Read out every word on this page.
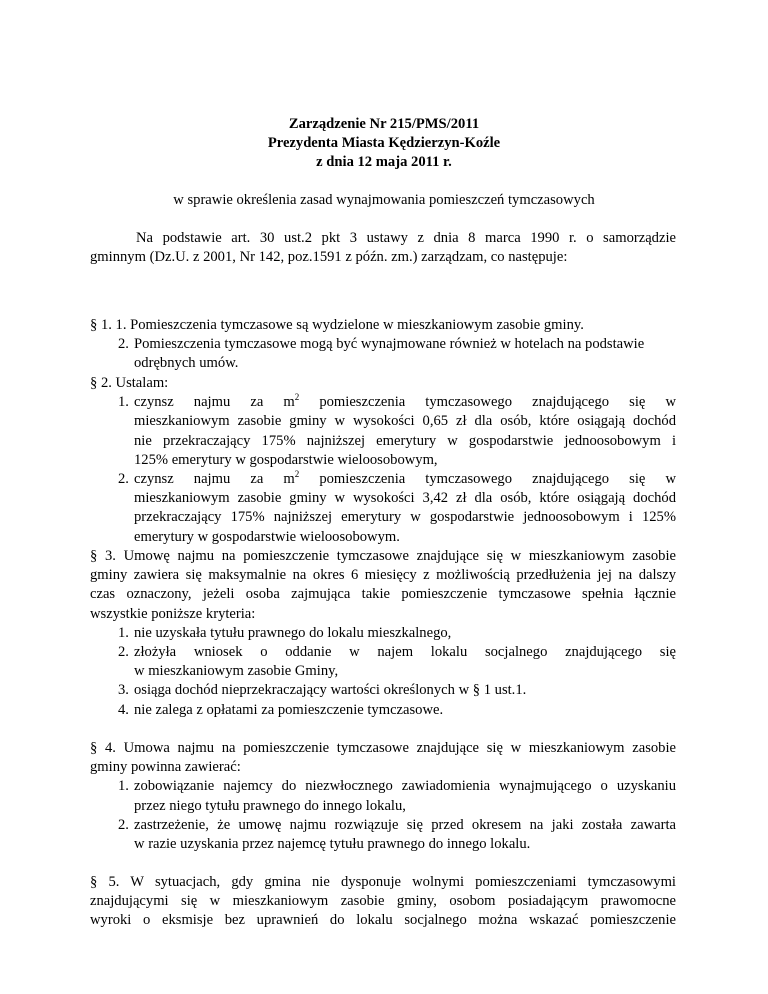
Zarządzenie Nr 215/PMS/2011
Prezydenta Miasta Kędzierzyn-Koźle
z dnia 12 maja 2011 r.
w sprawie określenia zasad wynajmowania pomieszczeń tymczasowych
Na podstawie art. 30 ust.2 pkt 3 ustawy z dnia 8 marca 1990 r. o samorządzie
gminnym (Dz.U. z 2001, Nr 142, poz.1591 z późn. zm.) zarządzam, co następuje:
§ 1. 1. Pomieszczenia tymczasowe są wydzielone w mieszkaniowym zasobie gminy.
2. Pomieszczenia tymczasowe mogą być wynajmowane również w hotelach na podstawie
odrębnych umów.
§ 2. Ustalam:
1. czynsz najmu za $m^2$ pomieszczenia tymczasowego znajdującego się w
mieszkaniowym zasobie gminy w wysokości 0,65 zł dla osób, które osiągają dochód
nie przekraczający 175% najniższej emerytury w gospodarstwie jednoosobowym i
125% emerytury w gospodarstwie wieloosobowym,
2. czynsz najmu za $m^2$ pomieszczenia tymczasowego znajdującego się w
mieszkaniowym zasobie gminy w wysokości 3,42 zł dla osób, które osiągają dochód
przekraczający 175% najniższej emerytury w gospodarstwie jednoosobowym i 125%
emerytury w gospodarstwie wieloosobowym.
§ 3. Umowę najmu na pomieszczenie tymczasowe znajdujące się w mieszkaniowym zasobie
gminy zawiera się maksymalnie na okres 6 miesięcy z możliwością przedłużenia jej na dalszy
czas oznaczony, jeżeli osoba zajmująca takie pomieszczenie tymczasowe spełnia łącznie
wszystkie poniższe kryteria:
1. nie uzyskała tytułu prawnego do lokalu mieszkalnego,
2. złożyła wniosek o oddanie w najem lokalu socjalnego znajdującego się
w mieszkaniowym zasobie Gminy,
3. osiąga dochód nieprzekraczający wartości określonych w § 1 ust.1.
4. nie zalega z opłatami za pomieszczenie tymczasowe.
§ 4. Umowa najmu na pomieszczenie tymczasowe znajdujące się w mieszkaniowym zasobie
gminy powinna zawierać:
1. zobowiązanie najemcy do niezwłocznego zawiadomienia wynajmującego o uzyskaniu
przez niego tytułu prawnego do innego lokalu,
2. zastrzeżenie, że umowę najmu rozwiązuje się przed okresem na jaki została zawarta
w razie uzyskania przez najemcę tytułu prawnego do innego lokalu.
§ 5. W sytuacjach, gdy gmina nie dysponuje wolnymi pomieszczeniami tymczasowymi
znajdującymi się w mieszkaniowym zasobie gminy, osobom posiadającym prawomocne
wyroki o eksmisje bez uprawnień do lokalu socjalnego można wskazać pomieszczenie
